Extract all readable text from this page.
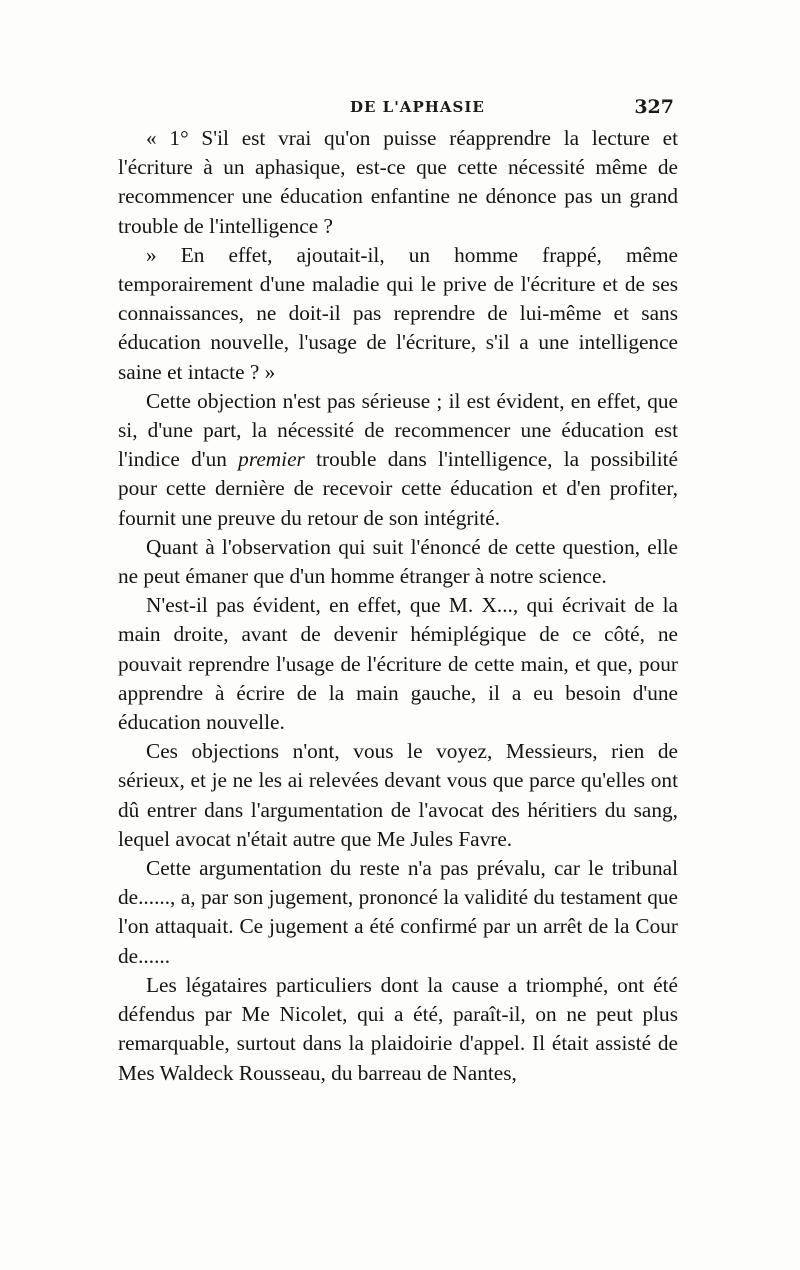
DE L'APHASIE	327

« 1° S'il est vrai qu'on puisse réapprendre la lecture et l'écriture à un aphasique, est-ce que cette nécessité même de recommencer une éducation enfantine ne dénonce pas un grand trouble de l'intelligence ?

» En effet, ajoutait-il, un homme frappé, même temporairement d'une maladie qui le prive de l'écriture et de ses connaissances, ne doit-il pas reprendre de lui-même et sans éducation nouvelle, l'usage de l'écriture, s'il a une intelligence saine et intacte ? »

Cette objection n'est pas sérieuse ; il est évident, en effet, que si, d'une part, la nécessité de recommencer une éducation est l'indice d'un premier trouble dans l'intelligence, la possibilité pour cette dernière de recevoir cette éducation et d'en profiter, fournit une preuve du retour de son intégrité.

Quant à l'observation qui suit l'énoncé de cette question, elle ne peut émaner que d'un homme étranger à notre science.

N'est-il pas évident, en effet, que M. X..., qui écrivait de la main droite, avant de devenir hémiplégique de ce côté, ne pouvait reprendre l'usage de l'écriture de cette main, et que, pour apprendre à écrire de la main gauche, il a eu besoin d'une éducation nouvelle.

Ces objections n'ont, vous le voyez, Messieurs, rien de sérieux, et je ne les ai relevées devant vous que parce qu'elles ont dû entrer dans l'argumentation de l'avocat des héritiers du sang, lequel avocat n'était autre que Me Jules Favre.

Cette argumentation du reste n'a pas prévalu, car le tribunal de......, a, par son jugement, prononcé la validité du testament que l'on attaquait. Ce jugement a été confirmé par un arrêt de la Cour de......

Les légataires particuliers dont la cause a triomphé, ont été défendus par Me Nicolet, qui a été, paraît-il, on ne peut plus remarquable, surtout dans la plaidoirie d'appel. Il était assisté de Mes Waldeck Rousseau, du barreau de Nantes,
